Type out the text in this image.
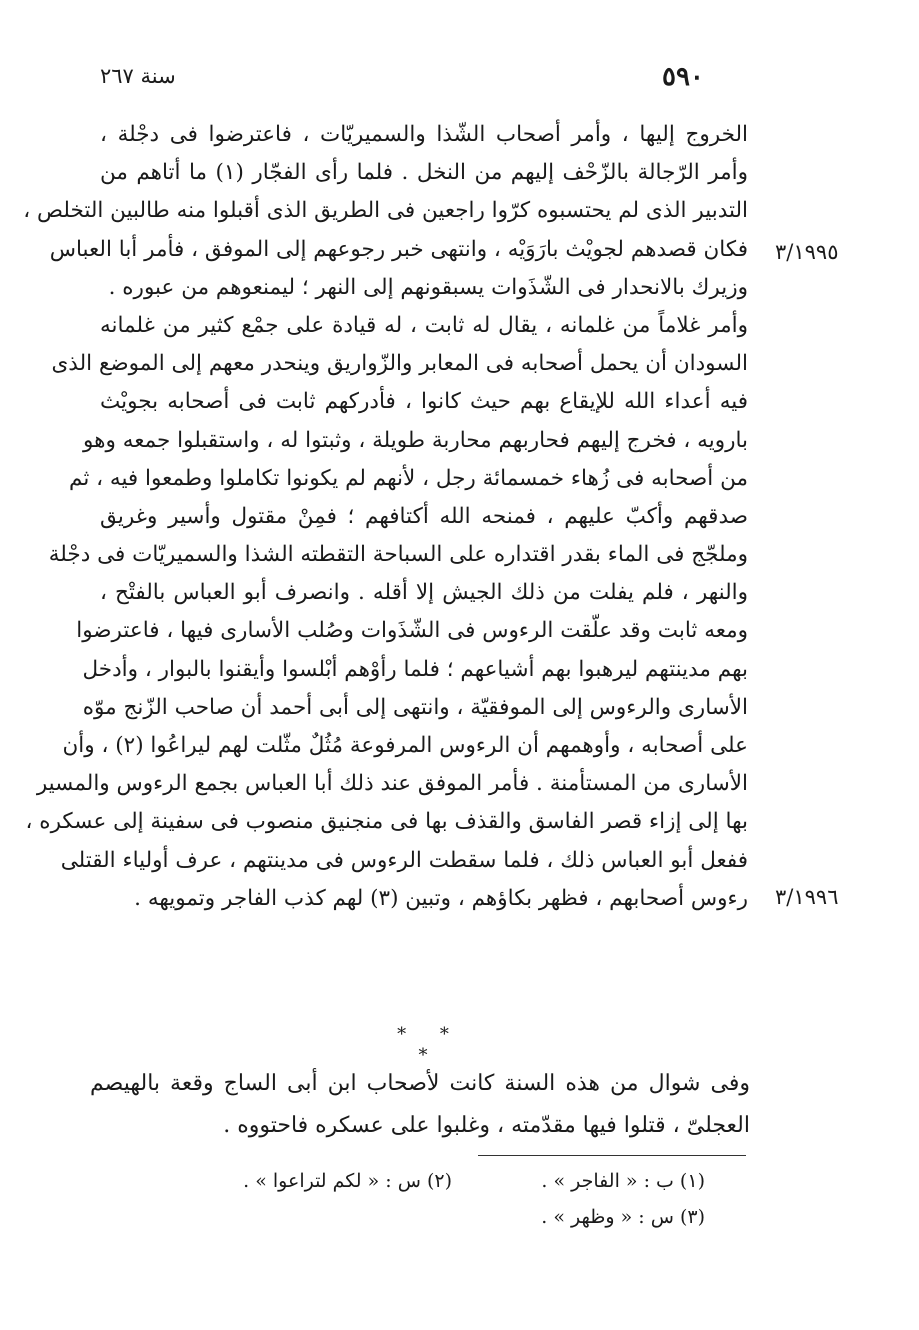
٥٩٠
سنة ٢٦٧
الخروج إليها ، وأمر أصحاب الشّذا والسميريّات ، فاعترضوا فى دجْلة ،
وأمر الرّجالة بالزّحْف إليهم من النخل . فلما رأى الفجّار (١) ما أتاهم من
التدبير الذى لم يحتسبوه كرّوا راجعين فى الطريق الذى أقبلوا منه طالبين التخلص ،
فكان قصدهم لجويْث بارَوَيْه ، وانتهى خبر رجوعهم إلى الموفق ، فأمر أبا العباس
وزيرك بالانحدار فى الشّذَوات يسبقونهم إلى النهر ؛ ليمنعوهم من عبوره .
وأمر غلاماً من غلمانه ، يقال له ثابت ، له قيادة على جمْع كثير من غلمانه
السودان أن يحمل أصحابه فى المعابر والزّواريق وينحدر معهم إلى الموضع الذى
فيه أعداء الله للإيقاع بهم حيث كانوا ، فأدركهم ثابت فى أصحابه بجويْث
بارويه ، فخرج إليهم فحاربهم محاربة طويلة ، وثبتوا له ، واستقبلوا جمعه وهو
من أصحابه فى زُهاء خمسمائة رجل ، لأنهم لم يكونوا تكاملوا وطمعوا فيه ، ثم
صدقهم وأكبّ عليهم ، فمنحه الله أكتافهم ؛ فمِنْ مقتول وأسير وغريق
وملجّج فى الماء بقدر اقتداره على السباحة التقطته الشذا والسميريّات فى دجْلة
والنهر ، فلم يفلت من ذلك الجيش إلا أقله . وانصرف أبو العباس بالفتْح ،
ومعه ثابت وقد علّقت الرءوس فى الشّذَوات وصُلب الأسارى فيها ، فاعترضوا
بهم مدينتهم ليرهبوا بهم أشياعهم ؛ فلما رأوْهم أبْلسوا وأيقنوا بالبوار ، وأدخل
الأسارى والرءوس إلى الموفقيّة ، وانتهى إلى أبى أحمد أن صاحب الزّنج موّه
على أصحابه ، وأوهمهم أن الرءوس المرفوعة مُثُلٌ مثّلت لهم ليراعُوا (٢) ، وأن
الأسارى من المستأمنة . فأمر الموفق عند ذلك أبا العباس بجمع الرءوس والمسير
بها إلى إزاء قصر الفاسق والقذف بها فى منجنيق منصوب فى سفينة إلى عسكره ،
ففعل أبو العباس ذلك ، فلما سقطت الرءوس فى مدينتهم ، عرف أولياء القتلى
رءوس أصحابهم ، فظهر بكاؤهم ، وتبين (٣) لهم كذب الفاجر وتمويهه .
٣/١٩٩٥
٣/١٩٩٦
* * *
وفى شوال من هذه السنة كانت لأصحاب ابن أبى الساج وقعة بالهيصم
العجلىّ ، قتلوا فيها مقدّمته ، وغلبوا على عسكره فاحتووه .
(١) ب : « الفاجر » .
(٢) س : « لكم لتراعوا » .
(٣) س : « وظهر » .
